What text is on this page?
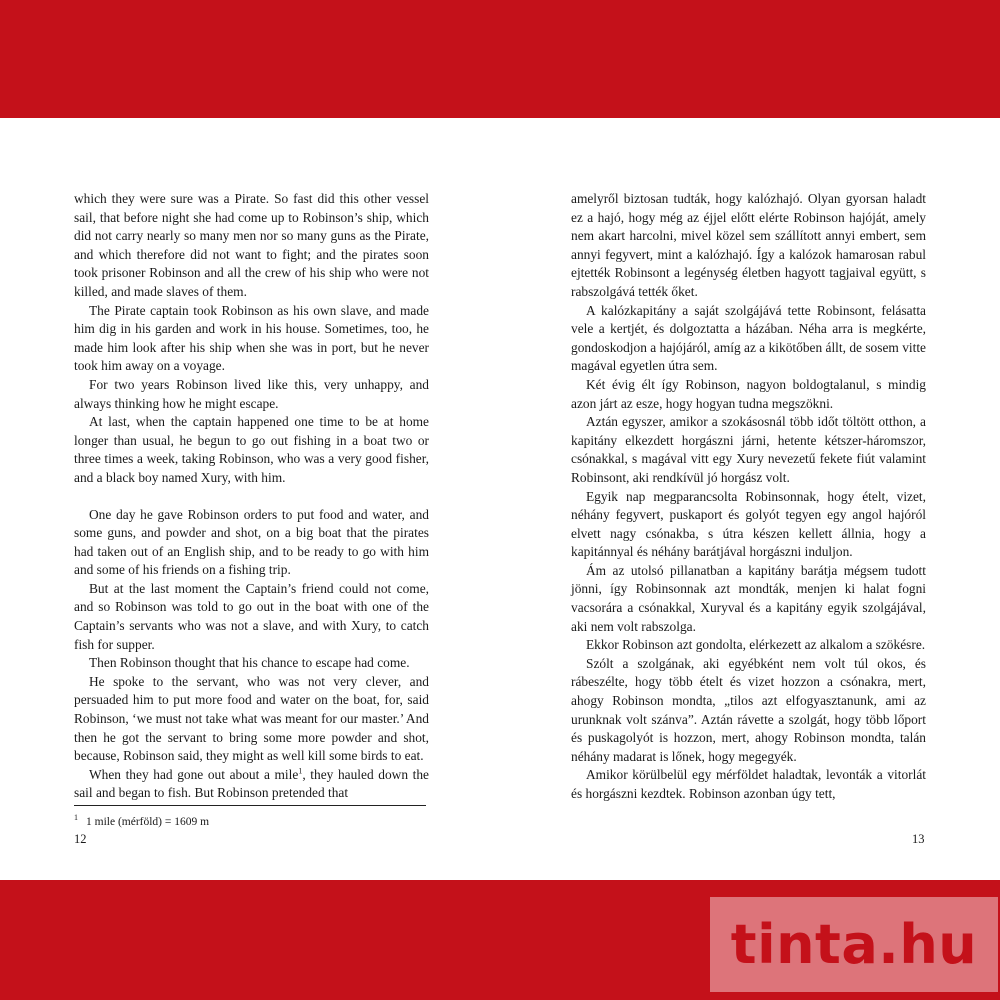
which they were sure was a Pirate. So fast did this other vessel sail, that before night she had come up to Robinson’s ship, which did not carry nearly so many men nor so many guns as the Pirate, and which therefore did not want to fight; and the pirates soon took prisoner Robinson and all the crew of his ship who were not killed, and made slaves of them.

The Pirate captain took Robinson as his own slave, and made him dig in his garden and work in his house. Sometimes, too, he made him look after his ship when she was in port, but he never took him away on a voyage.

For two years Robinson lived like this, very unhappy, and always thinking how he might escape.

At last, when the captain happened one time to be at home longer than usual, he begun to go out fishing in a boat two or three times a week, taking Robinson, who was a very good fisher, and a black boy named Xury, with him.

One day he gave Robinson orders to put food and water, and some guns, and powder and shot, on a big boat that the pirates had taken out of an English ship, and to be ready to go with him and some of his friends on a fishing trip.

But at the last moment the Captain’s friend could not come, and so Robinson was told to go out in the boat with one of the Captain’s servants who was not a slave, and with Xury, to catch fish for supper.

Then Robinson thought that his chance to escape had come.

He spoke to the servant, who was not very clever, and persuaded him to put more food and water on the boat, for, said Robinson, ‘we must not take what was meant for our master.’ And then he got the servant to bring some more powder and shot, because, Robinson said, they might as well kill some birds to eat.

When they had gone out about a mile$^1$, they hauled down the sail and began to fish. But Robinson pretended that

$^1$ 1 mile (mérföld) = 1609 m

12

amelyről biztosan tudták, hogy kalózhajó. Olyan gyorsan haladt ez a hajó, hogy még az éjjel előtt elérte Robinson hajóját, amely nem akart harcolni, mivel közel sem szállított annyi embert, sem annyi fegyvert, mint a kalózhajó. Így a kalózok hamarosan rabul ejtették Robinsont a legénység életben hagyott tagjaival együtt, s rabszolgává tették őket.

A kalózkapitány a saját szolgájává tette Robinsont, felásatta vele a kertjét, és dolgoztatta a házában. Néha arra is megkérte, gondoskodjon a hajójáról, amíg az a kikötőben állt, de sosem vitte magával egyetlen útra sem.

Két évig élt így Robinson, nagyon boldogtalanul, s mindig azon járt az esze, hogy hogyan tudna megszökni.

Aztán egyszer, amikor a szokásosnál több időt töltött otthon, a kapitány elkezdett horgászni járni, hetente kétszer-háromszor, csónakkal, s magával vitt egy Xury nevezetű fekete fiút valamint Robinsont, aki rendkívül jó horgász volt.

Egyik nap megparancsolta Robinsonnak, hogy ételt, vizet, néhány fegyvert, puskaport és golyót tegyen egy angol hajóról elvett nagy csónakba, s útra készen kellett állnia, hogy a kapitánnyal és néhány barátjával horgászni induljon.

Ám az utolsó pillanatban a kapitány barátja mégsem tudott jönni, így Robinsonnak azt mondták, menjen ki halat fogni vacsorára a csónakkal, Xuryval és a kapitány egyik szolgájával, aki nem volt rabszolga.

Ekkor Robinson azt gondolta, elérkezett az alkalom a szökésre.

Szólt a szolgának, aki egyébként nem volt túl okos, és rábeszélte, hogy több ételt és vizet hozzon a csónakra, mert, ahogy Robinson mondta, „tilos azt elfogyasztanunk, ami az urunknak volt szánva”. Aztán rávette a szolgát, hogy több lőport és puskagolyót is hozzon, mert, ahogy Robinson mondta, talán néhány madarat is lőnek, hogy megegyék.

Amikor körülbelül egy mérföldet haladtak, levonták a vitorlát és horgászni kezdtek. Robinson azonban úgy tett,

13
tinta.hu
